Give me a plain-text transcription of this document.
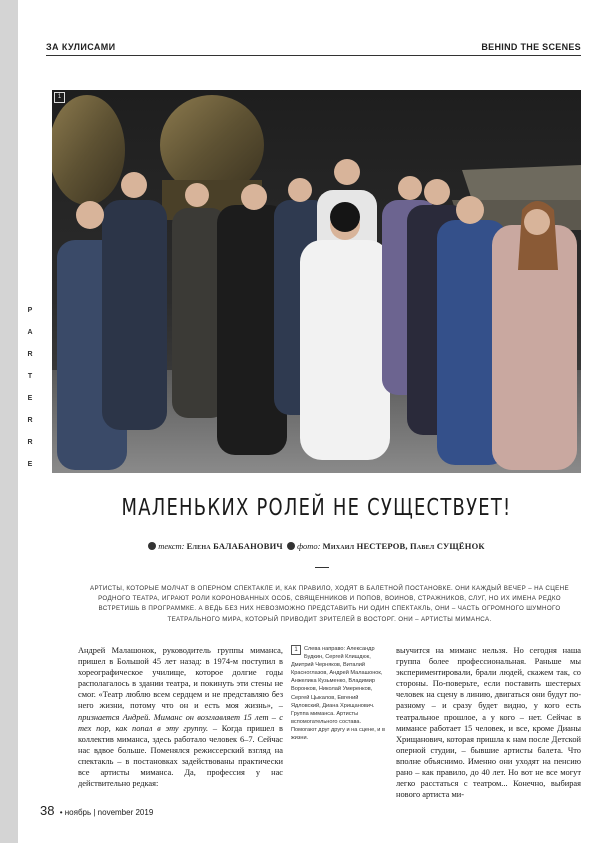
ЗА КУЛИСАМИ	BEHIND THE SCENES
Р
А
R
T
E
R
R
E
1
МАЛЕНЬКИХ РОЛЕЙ НЕ СУЩЕСТВУЕТ!
текст: Елена БАЛАБАНОВИЧ фото: Михаил НЕСТЕРОВ, Павел СУЩЁНОК
АРТИСТЫ, КОТОРЫЕ МОЛЧАТ В ОПЕРНОМ СПЕКТАКЛЕ И, КАК ПРАВИЛО, ХОДЯТ В БАЛЕТНОЙ ПОСТАНОВКЕ. ОНИ КАЖДЫЙ ВЕЧЕР – НА СЦЕНЕ РОДНОГО ТЕАТРА, ИГРАЮТ РОЛИ КОРОНОВАННЫХ ОСОБ, СВЯЩЕННИКОВ И ПОПОВ, ВОИНОВ, СТРАЖНИКОВ, СЛУГ, НО ИХ ИМЕНА РЕДКО ВСТРЕТИШЬ В ПРОГРАММКЕ. А ВЕДЬ БЕЗ НИХ НЕВОЗМОЖНО ПРЕДСТАВИТЬ НИ ОДИН СПЕКТАКЛЬ, ОНИ – ЧАСТЬ ОГРОМНОГО ШУМНОГО ТЕАТРАЛЬНОГО МИРА, КОТОРЫЙ ПРИВОДИТ ЗРИТЕЛЕЙ В ВОСТОРГ. ОНИ – АРТИСТЫ МИМАНСА.

Андрей Малашонок, руководитель группы миманса, пришел в Большой 45 лет назад: в 1974-м поступил в хореографическое училище, которое долгие годы располагалось в здании театра, и покинуть эти стены не смог. «Театр люблю всем сердцем и не представляю без него жизни, потому что он и есть моя жизнь», – признается Андрей. Миманс он возглавляет 15 лет – с тех пор, как попал в эту группу. – Когда пришел в коллектив миманса, здесь работало человек 6–7. Сейчас нас вдвое больше. Поменялся режиссерский взгляд на спектакль – в постановках задействованы практически все артисты миманса. Да, профессия у нас действительно редкая:

1	Слева направо: Александр Будкин, Сергей Клишдюк, Дмитрий Черняков, Виталий Красноглазов, Андрей Малашонок, Анжелика Кузьменко, Владимир Воронков, Николай Умеренков, Сергей Цыкалов, Евгений Ядловский, Диана Хрищанович. Группа миманса. Артисты вспомогательного состава. Помогают друг другу и на сцене, и в жизни.

выучится на миманс нельзя. Но сегодня наша группа более профессиональная. Раньше мы экспериментировали, брали людей, скажем так, со стороны. По-поверьте, если поставить шестерых человек на сцену в линию, двигаться они будут по-разному – и сразу будет видно, у кого есть театральное прошлое, а у кого – нет. Сейчас в мимансе работает 15 человек, и все, кроме Дианы Хрищанович, которая пришла к нам после Детской оперной студии, – бывшие артисты балета. Что вполне объяснимо. Именно они уходят на пенсию рано – как правило, до 40 лет. Но вот не все могут легко расстаться с театром... Конечно, выбирая нового артиста ми-

38 • ноябрь | november 2019
